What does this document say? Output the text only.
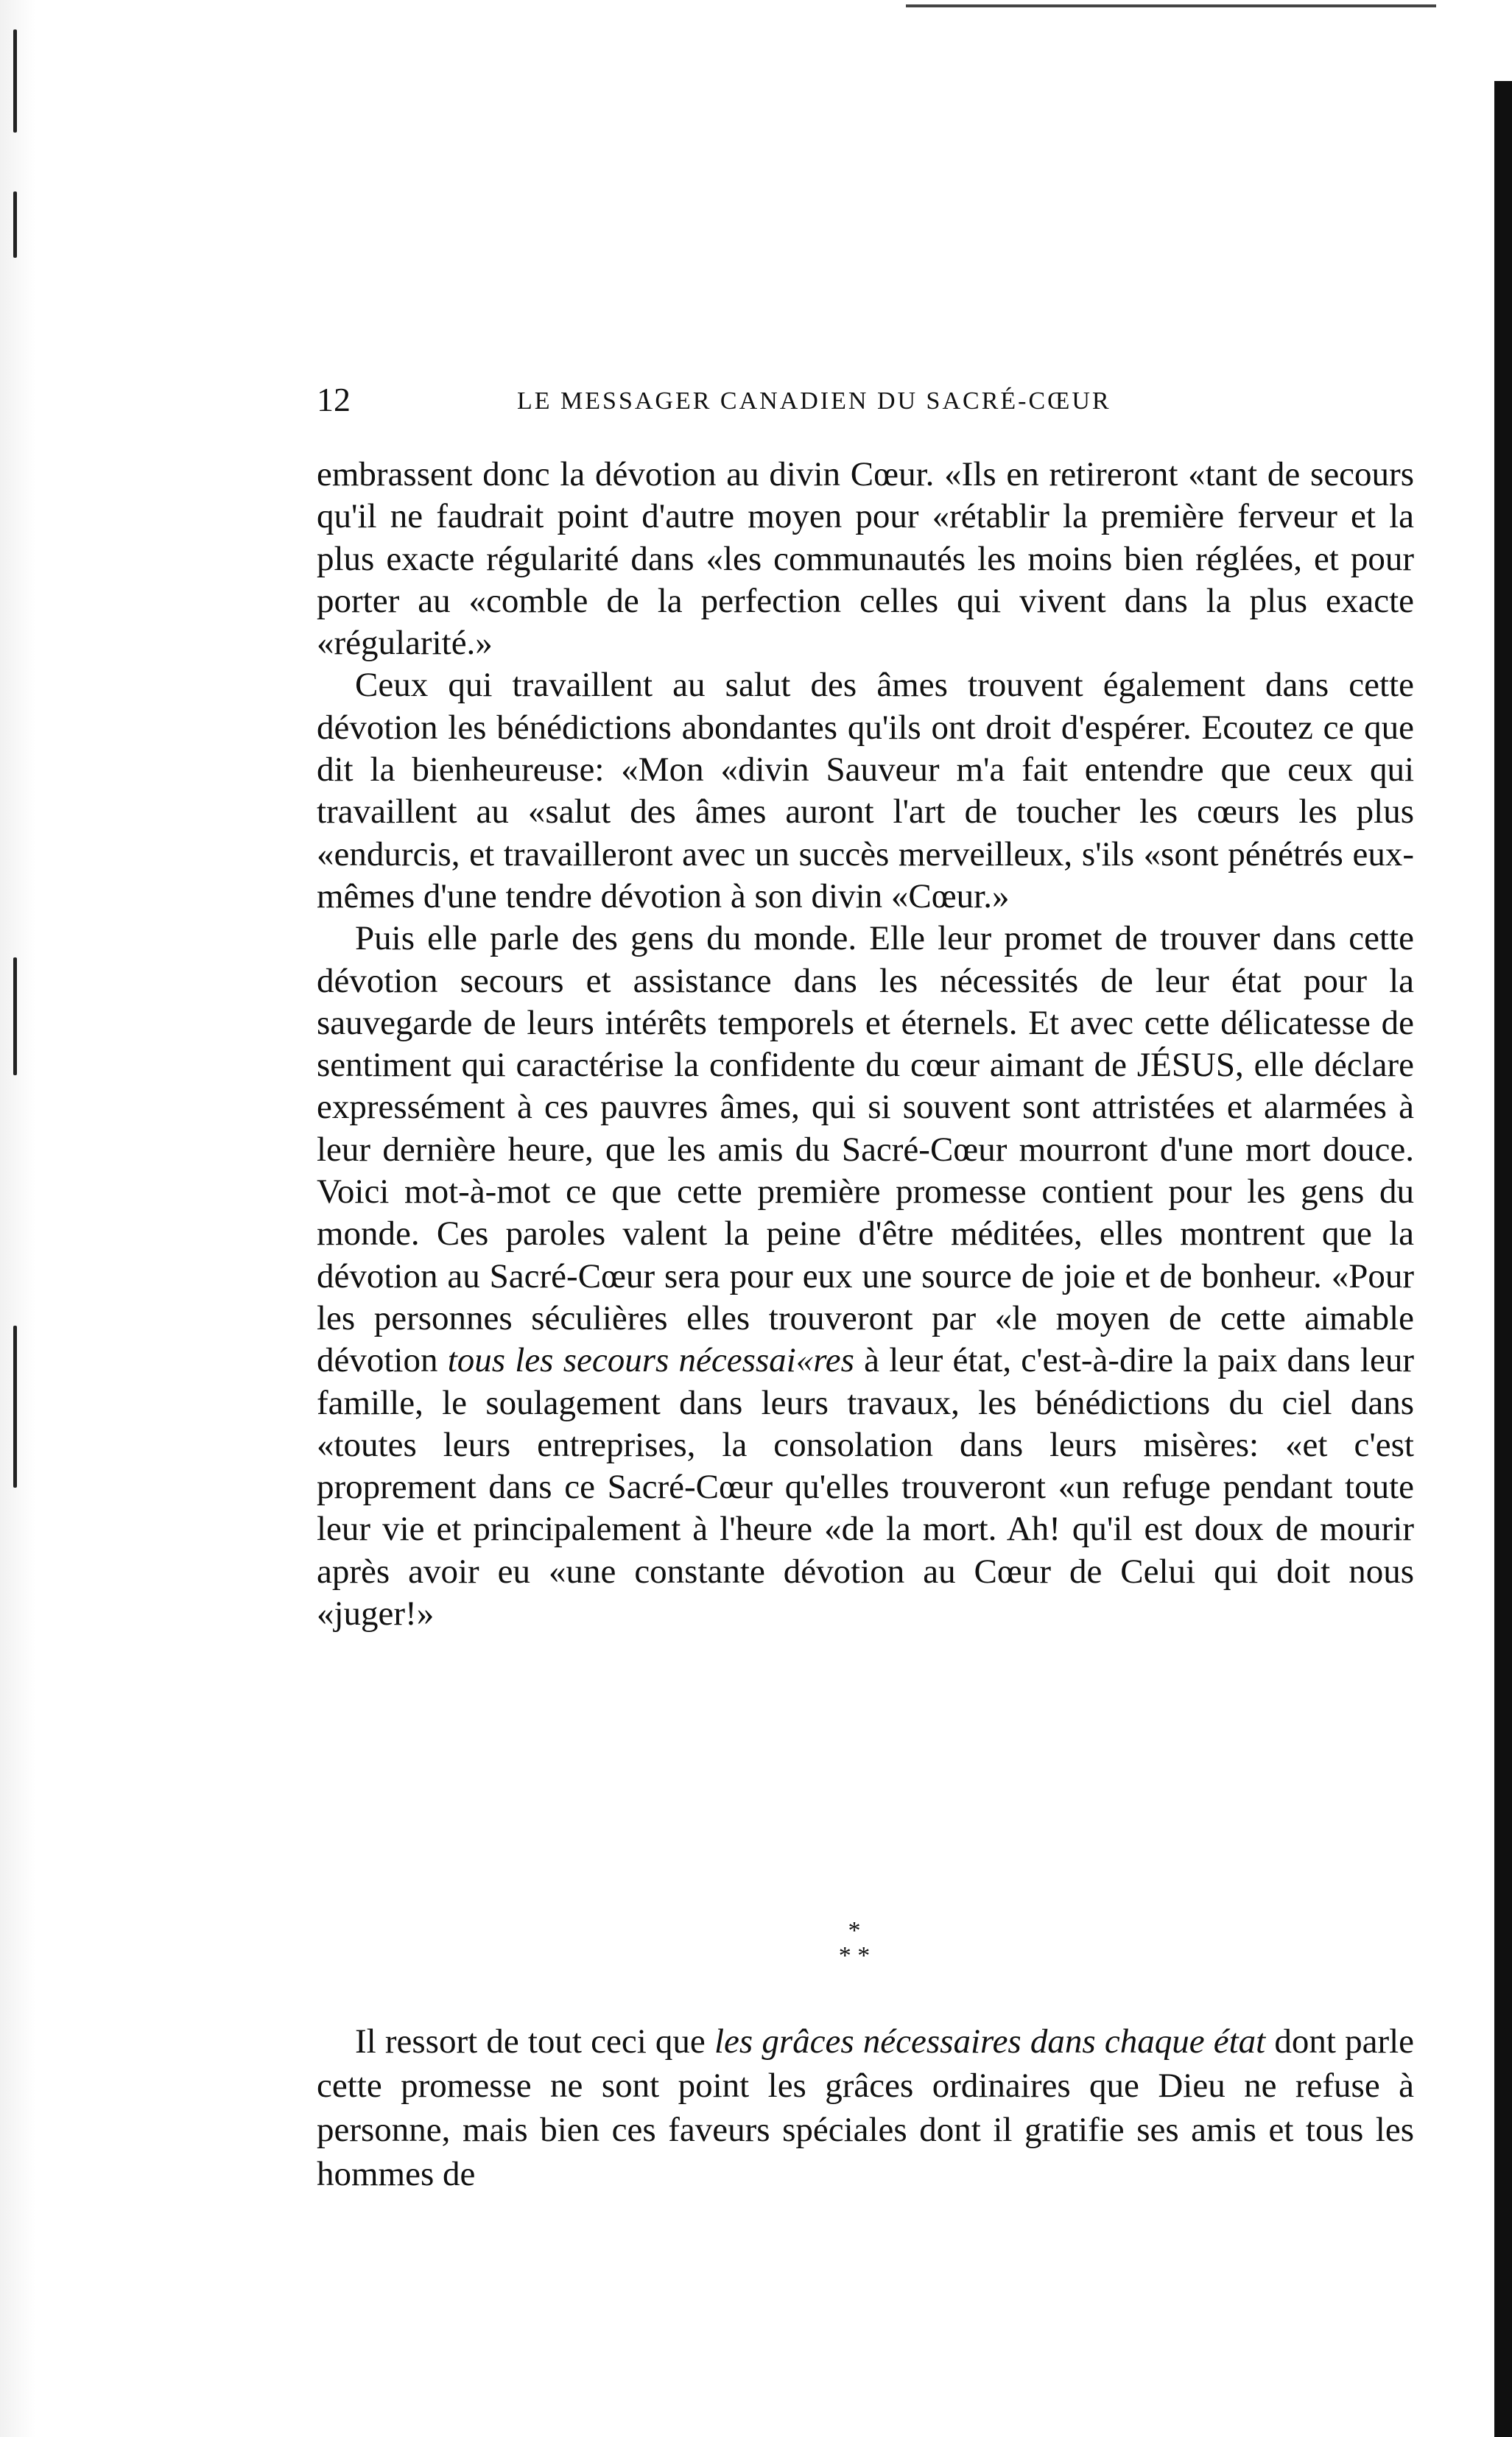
12	LE MESSAGER CANADIEN DU SACRÉ-CŒUR

embrassent donc la dévotion au divin Cœur. «Ils en retireront «tant de secours qu'il ne faudrait point d'autre moyen pour «rétablir la première ferveur et la plus exacte régularité dans «les communautés les moins bien réglées, et pour porter au «comble de la perfection celles qui vivent dans la plus exacte «régularité.»

Ceux qui travaillent au salut des âmes trouvent également dans cette dévotion les bénédictions abondantes qu'ils ont droit d'espérer. Ecoutez ce que dit la bienheureuse: «Mon «divin Sauveur m'a fait entendre que ceux qui travaillent au «salut des âmes auront l'art de toucher les cœurs les plus «endurcis, et travailleront avec un succès merveilleux, s'ils «sont pénétrés eux-mêmes d'une tendre dévotion à son divin «Cœur.»

Puis elle parle des gens du monde. Elle leur promet de trouver dans cette dévotion secours et assistance dans les nécessités de leur état pour la sauvegarde de leurs intérêts temporels et éternels. Et avec cette délicatesse de sentiment qui caractérise la confidente du cœur aimant de JÉSUS, elle déclare expressément à ces pauvres âmes, qui si souvent sont attristées et alarmées à leur dernière heure, que les amis du Sacré-Cœur mourront d'une mort douce. Voici mot-à-mot ce que cette première promesse contient pour les gens du monde. Ces paroles valent la peine d'être méditées, elles montrent que la dévotion au Sacré-Cœur sera pour eux une source de joie et de bonheur. «Pour les personnes séculières elles trouveront par «le moyen de cette aimable dévotion tous les secours nécessai«res à leur état, c'est-à-dire la paix dans leur famille, le soulagement dans leurs travaux, les bénédictions du ciel dans «toutes leurs entreprises, la consolation dans leurs misères: «et c'est proprement dans ce Sacré-Cœur qu'elles trouveront «un refuge pendant toute leur vie et principalement à l'heure «de la mort. Ah! qu'il est doux de mourir après avoir eu «une constante dévotion au Cœur de Celui qui doit nous «juger!»

*
* *

Il ressort de tout ceci que les grâces nécessaires dans chaque état dont parle cette promesse ne sont point les grâces ordinaires que Dieu ne refuse à personne, mais bien ces faveurs spéciales dont il gratifie ses amis et tous les hommes de
